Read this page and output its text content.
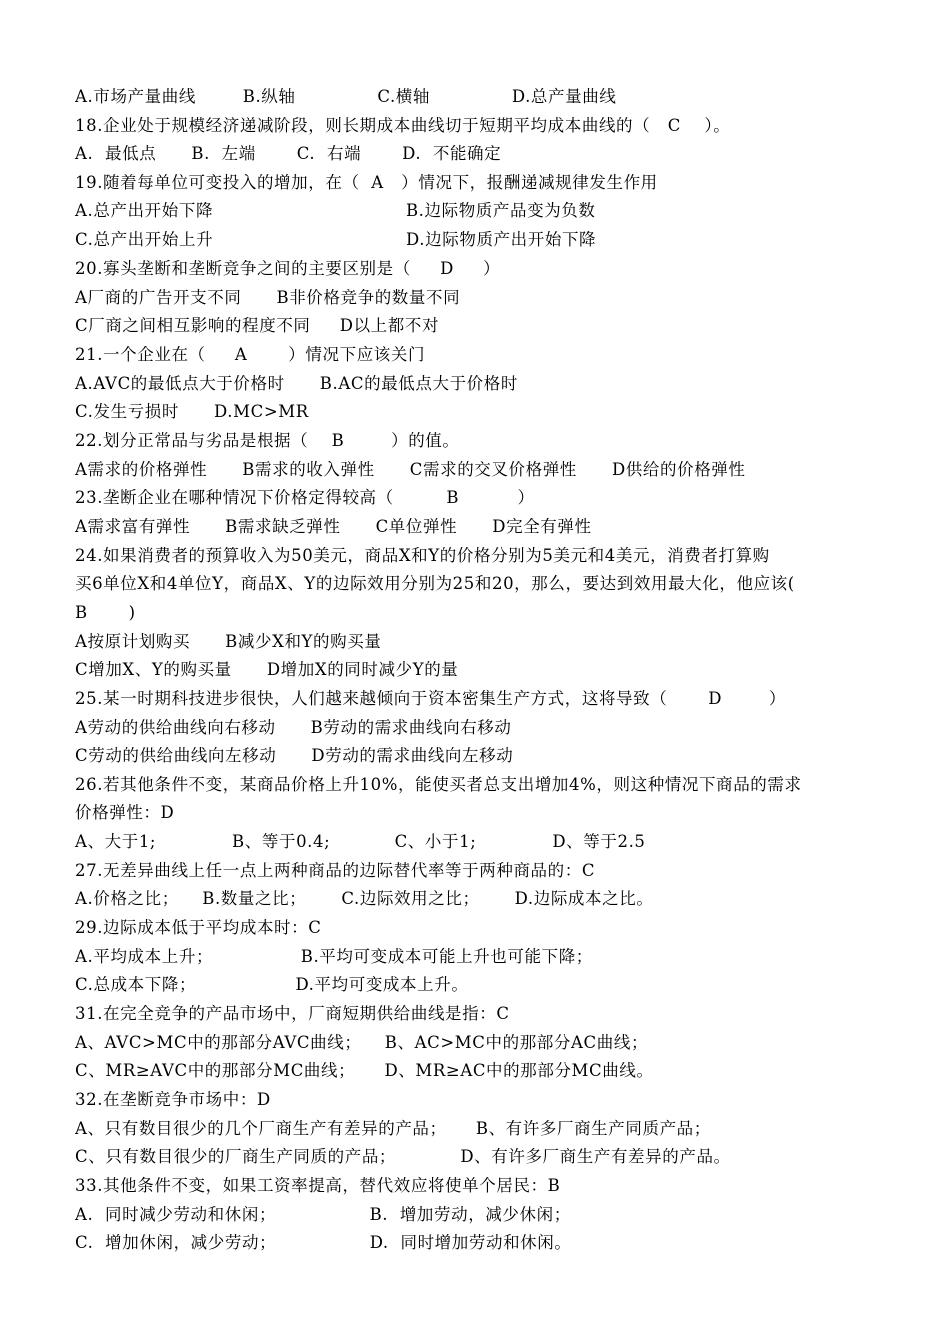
A.市场产量曲线        B.纵轴              C.横轴              D.总产量曲线
18.企业处于规模经济递减阶段，则长期成本曲线切于短期平均成本曲线的（   C    ）。
A.  最低点      B.  左端       C.  右端       D.  不能确定
19.随着每单位可变投入的增加，在（  A   ）情况下，报酬递减规律发生作用
A.总产出开始下降                                 B.边际物质产品变为负数
C.总产出开始上升                                 D.边际物质产出开始下降
20.寡头垄断和垄断竞争之间的主要区别是（     D     ）
A厂商的广告开支不同      B非价格竞争的数量不同
C厂商之间相互影响的程度不同     D以上都不对
21.一个企业在（     A       ）情况下应该关门
A.AVC的最低点大于价格时      B.AC的最低点大于价格时
C.发生亏损时      D.MC>MR
22.划分正常品与劣品是根据（    B        ）的值。
A需求的价格弹性      B需求的收入弹性      C需求的交叉价格弹性      D供给的价格弹性
23.垄断企业在哪种情况下价格定得较高（         B          ）
A需求富有弹性      B需求缺乏弹性      C单位弹性      D完全有弹性
24.如果消费者的预算收入为50美元，商品X和Y的价格分别为5美元和4美元，消费者打算购
买6单位X和4单位Y，商品X、Y的边际效用分别为25和20，那么，要达到效用最大化，他应该(
B       )
A按原计划购买      B减少X和Y的购买量
C增加X、Y的购买量      D增加X的同时减少Y的量
25.某一时期科技进步很快，人们越来越倾向于资本密集生产方式，这将导致（       D        ）
A劳动的供给曲线向右移动      B劳动的需求曲线向右移动
C劳动的供给曲线向左移动      D劳动的需求曲线向左移动
26.若其他条件不变，某商品价格上升10%，能使买者总支出增加4%，则这种情况下商品的需求
价格弹性：D
A、大于1;             B、等于0.4;           C、小于1;             D、等于2.5
27.无差异曲线上任一点上两种商品的边际替代率等于两种商品的：C
A.价格之比；    B.数量之比；      C.边际效用之比；      D.边际成本之比。
29.边际成本低于平均成本时：C
A.平均成本上升；               B.平均可变成本可能上升也可能下降；
C.总成本下降；                 D.平均可变成本上升。
31.在完全竞争的产品市场中，厂商短期供给曲线是指：C
A、AVC>MC中的那部分AVC曲线；    B、AC>MC中的那部分AC曲线；
C、MR≥AVC中的那部分MC曲线；     D、MR≥AC中的那部分MC曲线。
32.在垄断竞争市场中：D
A、只有数目很少的几个厂商生产有差异的产品；     B、有许多厂商生产同质产品；
C、只有数目很少的厂商生产同质的产品；           D、有许多厂商生产有差异的产品。
33.其他条件不变，如果工资率提高，替代效应将使单个居民：B
A.  同时减少劳动和休闲；                B.  增加劳动，减少休闲；
C.  增加休闲，减少劳动；                D.  同时增加劳动和休闲。
